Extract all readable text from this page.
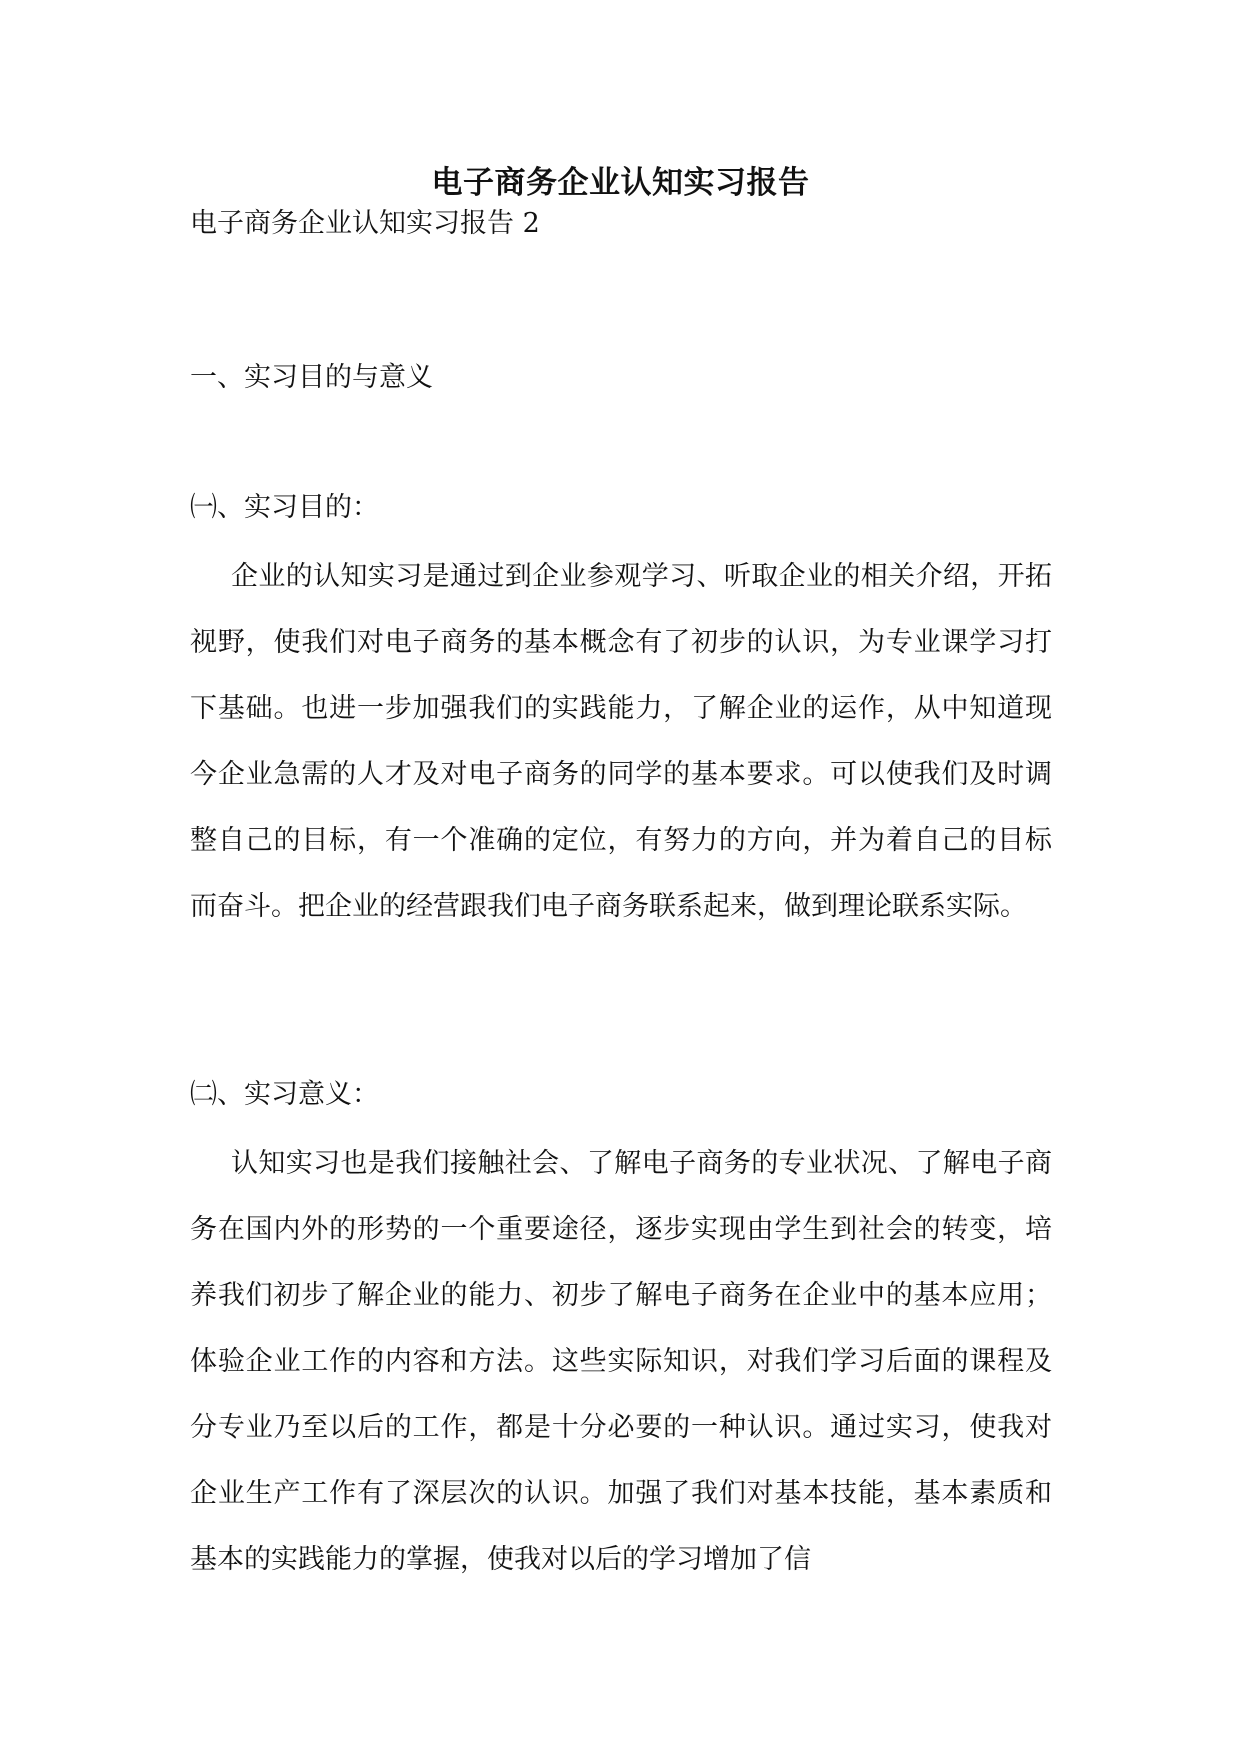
电子商务企业认知实习报告

电子商务企业认知实习报告 2

一、实习目的与意义

㈠、实习目的：

企业的认知实习是通过到企业参观学习、听取企业的相关介绍，开拓视野，使我们对电子商务的基本概念有了初步的认识，为专业课学习打下基础。也进一步加强我们的实践能力，了解企业的运作，从中知道现今企业急需的人才及对电子商务的同学的基本要求。可以使我们及时调整自己的目标，有一个准确的定位，有努力的方向，并为着自己的目标而奋斗。把企业的经营跟我们电子商务联系起来，做到理论联系实际。

㈡、实习意义：

认知实习也是我们接触社会、了解电子商务的专业状况、了解电子商务在国内外的形势的一个重要途径，逐步实现由学生到社会的转变，培养我们初步了解企业的能力、初步了解电子商务在企业中的基本应用；体验企业工作的内容和方法。这些实际知识，对我们学习后面的课程及分专业乃至以后的工作，都是十分必要的一种认识。通过实习，使我对企业生产工作有了深层次的认识。加强了我们对基本技能，基本素质和基本的实践能力的掌握，使我对以后的学习增加了信
